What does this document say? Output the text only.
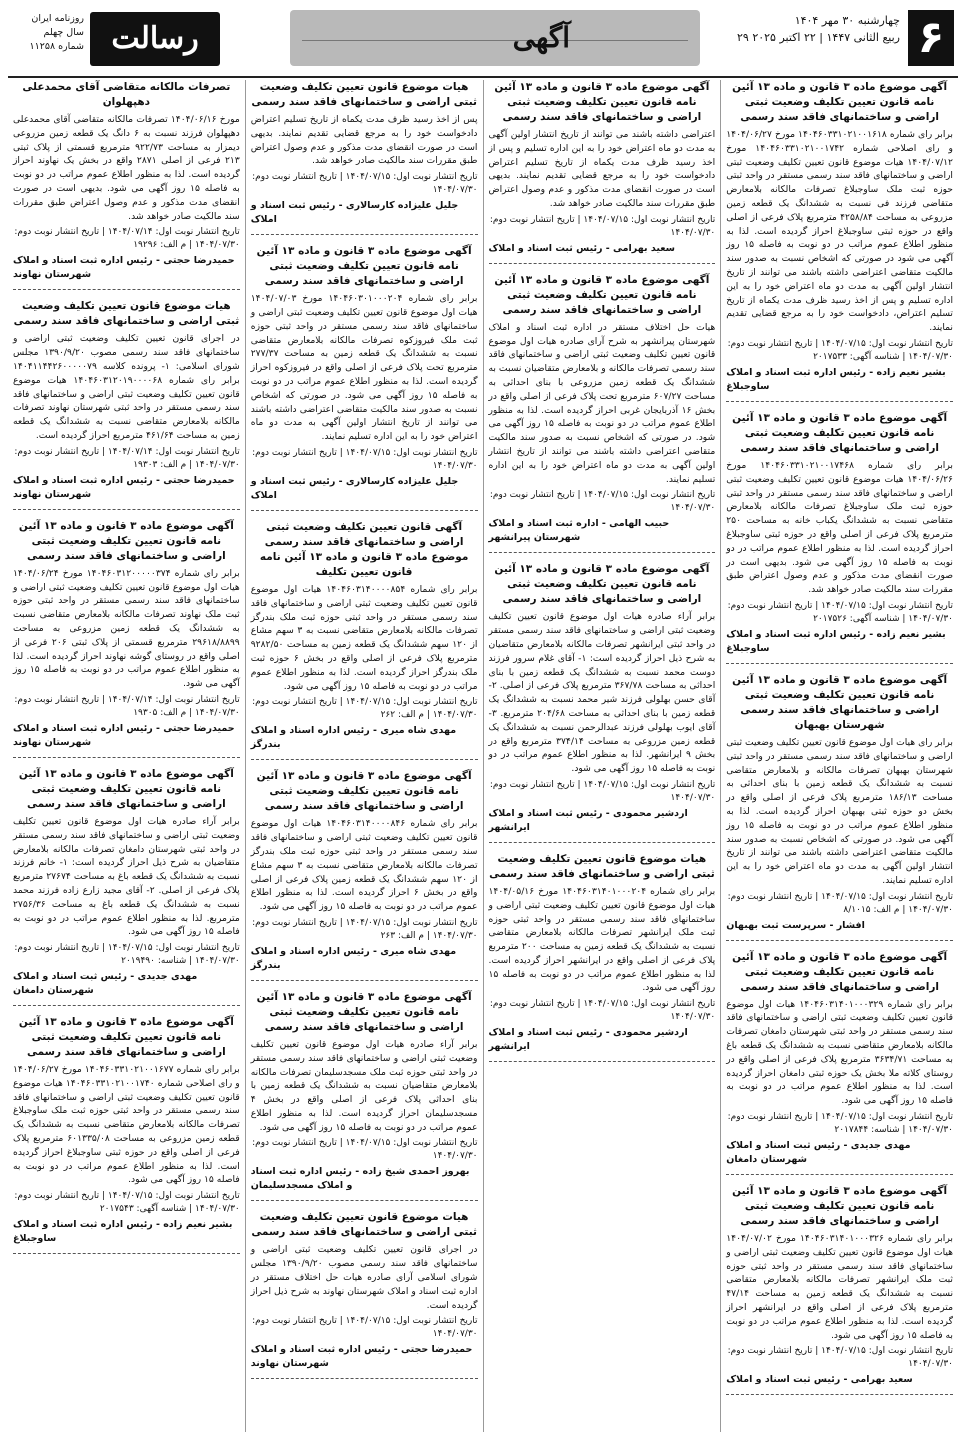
۶
چهارشنبه ۳۰ مهر ۱۴۰۴
۲۹ ربیع الثانی ۱۴۴۷ | ۲۲ اکتبر ۲۰۲۵
آگهی
رسالت
روزنامه ایران
سال چهلم
شماره ۱۱۲۵۸
آگهی موضوع ماده ۳ قانون و ماده ۱۳ آئین نامه قانون تعیین تکلیف وضعیت ثبتی اراضی و ساختمانهای فاقد سند رسمی
برابر رای شماره ۱۴۰۴۶۰۳۳۱۰۲۱۰۰۱۶۱۸ مورخ ۱۴۰۴/۰۶/۲۷ و رای اصلاحی شماره ۱۴۰۴۶۰۳۳۱۰۲۱۰۰۱۷۴۲ مورخ ۱۴۰۴/۰۷/۱۲ هیات موضوع قانون تعیین تکلیف وضعیت ثبتی اراضی و ساختمانهای فاقد سند رسمی مستقر در واحد ثبتی حوزه ثبت ملک ساوجبلاغ تصرفات مالکانه بلامعارض متقاضی فرزند فی نسبت به ششدانگ یک قطعه زمین مزروعی به مساحت ۴۲۵۸/۸۴ مترمربع پلاک فرعی از اصلی واقع در حوزه ثبتی ساوجبلاغ احراز گردیده است. لذا به منظور اطلاع عموم مراتب در دو نوبت به فاصله ۱۵ روز آگهی می شود در صورتی که اشخاص نسبت به صدور سند مالکیت متقاضی اعتراضی داشته باشند می توانند از تاریخ انتشار اولین آگهی به مدت دو ماه اعتراض خود را به این اداره تسلیم و پس از اخذ رسید ظرف مدت یکماه از تاریخ تسلیم اعتراض، دادخواست خود را به مرجع قضایی تقدیم نمایند.
تاریخ انتشار نوبت اول: ۱۴۰۴/۰۷/۱۵ | تاریخ انتشار نوبت دوم: ۱۴۰۴/۰۷/۳۰ | شناسه آگهی: ۲۰۱۷۵۳۳
بشیر نعیم زاده - رئیس اداره ثبت اسناد و املاک ساوجبلاغ
آگهی موضوع ماده ۳ قانون و ماده ۱۳ آئین نامه قانون تعیین تکلیف وضعیت ثبتی اراضی و ساختمانهای فاقد سند رسمی
برابر رای شماره ۱۴۰۴۶۰۳۳۱۰۲۱۰۰۱۷۴۶۸ مورخ ۱۴۰۴/۰۶/۲۶ هیات موضوع قانون تعیین تکلیف وضعیت ثبتی اراضی و ساختمانهای فاقد سند رسمی مستقر در واحد ثبتی حوزه ثبت ملک ساوجبلاغ تصرفات مالکانه بلامعارض متقاضی نسبت به ششدانگ یکباب خانه به مساحت ۲۵۰ مترمربع پلاک فرعی از اصلی واقع در حوزه ثبتی ساوجبلاغ احراز گردیده است. لذا به منظور اطلاع عموم مراتب در دو نوبت به فاصله ۱۵ روز آگهی می شود. بدیهی است در صورت انقضای مدت مذکور و عدم وصول اعتراض طبق مقررات سند مالکیت صادر خواهد شد.
تاریخ انتشار نوبت اول: ۱۴۰۴/۰۷/۱۵ | تاریخ انتشار نوبت دوم: ۱۴۰۴/۰۷/۳۰ | شناسه آگهی: ۲۰۱۷۵۲۶
بشیر نعیم زاده - رئیس اداره ثبت اسناد و املاک ساوجبلاغ
آگهی موضوع ماده ۳ قانون و ماده ۱۳ آئین نامه قانون تعیین تکلیف وضعیت ثبتی اراضی و ساختمانهای فاقد سند رسمی شهرستان بهبهان
برابر رای هیات اول موضوع قانون تعیین تکلیف وضعیت ثبتی اراضی و ساختمانهای فاقد سند رسمی مستقر در واحد ثبتی شهرستان بهبهان تصرفات مالکانه و بلامعارض متقاضی نسبت به ششدانگ یک قطعه زمین با بنای احداثی به مساحت ۱۸۶/۱۳ مترمربع پلاک فرعی از اصلی واقع در بخش دو حوزه ثبتی بهبهان احراز گردیده است. لذا به منظور اطلاع عموم مراتب در دو نوبت به فاصله ۱۵ روز آگهی می شود. در صورتی که اشخاص نسبت به صدور سند مالکیت متقاضی اعتراضی داشته باشند می توانند از تاریخ انتشار اولین آگهی به مدت دو ماه اعتراض خود را به این اداره تسلیم نمایند.
تاریخ انتشار نوبت اول: ۱۴۰۴/۰۷/۱۵ | تاریخ انتشار نوبت دوم: ۱۴۰۴/۰۷/۳۰ | م الف: ۸/۱۰۱۵
افشار - سرپرست ثبت بهبهان
آگهی موضوع ماده ۳ قانون و ماده ۱۳ آئین نامه قانون تعیین تکلیف وضعیت ثبتی اراضی و ساختمانهای فاقد سند رسمی
برابر رای شماره ۱۴۰۴۶۰۳۱۴۰۱۰۰۰۳۲۹ هیات اول موضوع قانون تعیین تکلیف وضعیت ثبتی اراضی و ساختمانهای فاقد سند رسمی مستقر در واحد ثبتی شهرستان دامغان تصرفات مالکانه بلامعارض متقاضی نسبت به ششدانگ یک قطعه باغ به مساحت ۳۶۳۴/۷۱ مترمربع پلاک فرعی از اصلی واقع در روستای کلاته ملا بخش یک حوزه ثبتی دامغان احراز گردیده است. لذا به منظور اطلاع عموم مراتب در دو نوبت به فاصله ۱۵ روز آگهی می شود.
تاریخ انتشار نوبت اول: ۱۴۰۴/۰۷/۱۵ | تاریخ انتشار نوبت دوم: ۱۴۰۴/۰۷/۳۰ | شناسه: ۲۰۱۷۸۴۴
مهدی جدیدی - رئیس ثبت اسناد و املاک شهرستان دامغان
آگهی موضوع ماده ۳ قانون و ماده ۱۳ آئین نامه قانون تعیین تکلیف وضعیت ثبتی اراضی و ساختمانهای فاقد سند رسمی
برابر رای شماره ۱۴۰۴۶۰۳۱۴۰۱۰۰۰۳۲۶ مورخ ۱۴۰۴/۰۷/۰۲ هیات اول موضوع قانون تعیین تکلیف وضعیت ثبتی اراضی و ساختمانهای فاقد سند رسمی مستقر در واحد ثبتی حوزه ثبت ملک ایرانشهر تصرفات مالکانه بلامعارض متقاضی نسبت به ششدانگ یک قطعه زمین به مساحت ۴۷/۱۴ مترمربع پلاک فرعی از اصلی واقع در ایرانشهر احراز گردیده است. لذا به منظور اطلاع عموم مراتب در دو نوبت به فاصله ۱۵ روز آگهی می شود.
تاریخ انتشار نوبت اول: ۱۴۰۴/۰۷/۱۵ | تاریخ انتشار نوبت دوم: ۱۴۰۴/۰۷/۳۰
سعید بهرامی - رئیس ثبت اسناد و املاک
آگهی موضوع ماده ۳ قانون و ماده ۱۳ آئین نامه قانون تعیین تکلیف وضعیت ثبتی اراضی و ساختمانهای فاقد سند رسمی
اعتراضی داشته باشند می توانند از تاریخ انتشار اولین آگهی به مدت دو ماه اعتراض خود را به این اداره تسلیم و پس از اخذ رسید ظرف مدت یکماه از تاریخ تسلیم اعتراض دادخواست خود را به مرجع قضایی تقدیم نمایند. بدیهی است در صورت انقضای مدت مذکور و عدم وصول اعتراض طبق مقررات سند مالکیت صادر خواهد شد.
تاریخ انتشار نوبت اول: ۱۴۰۴/۰۷/۱۵ | تاریخ انتشار نوبت دوم: ۱۴۰۴/۰۷/۳۰
سعید بهرامی - رئیس ثبت اسناد و املاک
آگهی موضوع ماده ۳ قانون و ماده ۱۳ آئین نامه قانون تعیین تکلیف وضعیت ثبتی اراضی و ساختمانهای فاقد سند رسمی
هیات حل اختلاف مستقر در اداره ثبت اسناد و املاک شهرستان پیرانشهر به شرح آرای صادره هیات اول موضوع قانون تعیین تکلیف وضعیت ثبتی اراضی و ساختمانهای فاقد سند رسمی تصرفات مالکانه و بلامعارض متقاضیان نسبت به ششدانگ یک قطعه زمین مزروعی با بنای احداثی به مساحت ۶۰۷/۲۷ مترمربع تحت پلاک فرعی از اصلی واقع در بخش ۱۶ آذربایجان غربی احراز گردیده است. لذا به منظور اطلاع عموم مراتب در دو نوبت به فاصله ۱۵ روز آگهی می شود. در صورتی که اشخاص نسبت به صدور سند مالکیت متقاضی اعتراضی داشته باشند می توانند از تاریخ انتشار اولین آگهی به مدت دو ماه اعتراض خود را به این اداره تسلیم نمایند.
تاریخ انتشار نوبت اول: ۱۴۰۴/۰۷/۱۵ | تاریخ انتشار نوبت دوم: ۱۴۰۴/۰۷/۳۰
حبیب الهامی - اداره ثبت اسناد و املاک شهرستان پیرانشهر
آگهی موضوع ماده ۳ قانون و ماده ۱۳ آئین نامه قانون تعیین تکلیف وضعیت ثبتی اراضی و ساختمانهای فاقد سند رسمی
برابر آراء صادره هیات اول موضوع قانون تعیین تکلیف وضعیت ثبتی اراضی و ساختمانهای فاقد سند رسمی مستقر در واحد ثبتی ایرانشهر تصرفات مالکانه بلامعارض متقاضیان به شرح ذیل احراز گردیده است: ۱- آقای غلام سرور فرزند دوست محمد نسبت به ششدانگ یک قطعه زمین با بنای احداثی به مساحت ۳۶۷/۷۸ مترمربع پلاک فرعی از اصلی. ۲- آقای حسن بهلولی فرزند شیر محمد نسبت به ششدانگ یک قطعه زمین با بنای احداثی به مساحت ۲۰۴/۶۸ مترمربع. ۳- آقای ایوب بهلولی فرزند عبدالرحمن نسبت به ششدانگ یک قطعه زمین مزروعی به مساحت ۳۷۴/۱۴ مترمربع واقع در بخش ۹ ایرانشهر. لذا به منظور اطلاع عموم مراتب در دو نوبت به فاصله ۱۵ روز آگهی می شود.
تاریخ انتشار نوبت اول: ۱۴۰۴/۰۷/۱۵ | تاریخ انتشار نوبت دوم: ۱۴۰۴/۰۷/۳۰
اردشیر محمودی - رئیس ثبت اسناد و املاک ایرانشهر
هیات موضوع قانون تعیین تکلیف وضعیت ثبتی اراضی و ساختمانهای فاقد سند رسمی
برابر رای شماره ۱۴۰۴۶۰۳۱۴۰۱۰۰۰۲۰۴ مورخ ۱۴۰۴/۰۵/۱۶ هیات اول موضوع قانون تعیین تکلیف وضعیت ثبتی اراضی و ساختمانهای فاقد سند رسمی مستقر در واحد ثبتی حوزه ثبت ملک ایرانشهر تصرفات مالکانه بلامعارض متقاضی نسبت به ششدانگ یک قطعه زمین به مساحت ۲۰۰ مترمربع پلاک فرعی از اصلی واقع در ایرانشهر احراز گردیده است. لذا به منظور اطلاع عموم مراتب در دو نوبت به فاصله ۱۵ روز آگهی می شود.
تاریخ انتشار نوبت اول: ۱۴۰۴/۰۷/۱۵ | تاریخ انتشار نوبت دوم: ۱۴۰۴/۰۷/۳۰
اردشیر محمودی - رئیس ثبت اسناد و املاک ایرانشهر
هیات موضوع قانون تعیین تکلیف وضعیت ثبتی اراضی و ساختمانهای فاقد سند رسمی
پس از اخذ رسید ظرف مدت یکماه از تاریخ تسلیم اعتراض دادخواست خود را به مرجع قضایی تقدیم نمایند. بدیهی است در صورت انقضای مدت مذکور و عدم وصول اعتراض طبق مقررات سند مالکیت صادر خواهد شد.
تاریخ انتشار نوبت اول: ۱۴۰۴/۰۷/۱۵ | تاریخ انتشار نوبت دوم: ۱۴۰۴/۰۷/۳۰
جلیل علیزاده کارسالاری - رئیس ثبت اسناد و املاک
آگهی موضوع ماده ۳ قانون و ماده ۱۳ آئین نامه قانون تعیین تکلیف وضعیت ثبتی اراضی و ساختمانهای فاقد سند رسمی
برابر رای شماره ۱۴۰۴۶۰۳۰۱۰۰۰۲۰۴ مورخ ۱۴۰۴/۰۷/۰۳ هیات اول موضوع قانون تعیین تکلیف وضعیت ثبتی اراضی و ساختمانهای فاقد سند رسمی مستقر در واحد ثبتی حوزه ثبت ملک فیروزکوه تصرفات مالکانه بلامعارض متقاضی نسبت به ششدانگ یک قطعه زمین به مساحت ۲۷۷/۳۷ مترمربع تحت پلاک فرعی از اصلی واقع در فیروزکوه احراز گردیده است. لذا به منظور اطلاع عموم مراتب در دو نوبت به فاصله ۱۵ روز آگهی می شود. در صورتی که اشخاص نسبت به صدور سند مالکیت متقاضی اعتراضی داشته باشند می توانند از تاریخ انتشار اولین آگهی به مدت دو ماه اعتراض خود را به این اداره تسلیم نمایند.
تاریخ انتشار نوبت اول: ۱۴۰۴/۰۷/۱۵ | تاریخ انتشار نوبت دوم: ۱۴۰۴/۰۷/۳۰
جلیل علیزاده کارسالاری - رئیس ثبت اسناد و املاک
آگهی قانون تعیین تکلیف وضعیت ثبتی اراضی و ساختمانهای فاقد سند رسمی موضوع ماده ۳ قانون و ماده ۱۳ آئین نامه قانون تعیین تکلیف
برابر رای شماره ۱۴۰۴۶۰۳۱۴۰۰۰۰۸۵۴ هیات اول موضوع قانون تعیین تکلیف وضعیت ثبتی اراضی و ساختمانهای فاقد سند رسمی مستقر در واحد ثبتی حوزه ثبت ملک بندرگز تصرفات مالکانه بلامعارض متقاضی نسبت به ۳ سهم مشاع از ۱۲۰ سهم ششدانگ یک قطعه زمین به مساحت ۹۲۸۲/۵۰ مترمربع پلاک فرعی از اصلی واقع در بخش ۶ حوزه ثبت ملک بندرگز احراز گردیده است. لذا به منظور اطلاع عموم مراتب در دو نوبت به فاصله ۱۵ روز آگهی می شود.
تاریخ انتشار نوبت اول: ۱۴۰۴/۰۷/۱۵ | تاریخ انتشار نوبت دوم: ۱۴۰۴/۰۷/۳۰ | م الف: ۲۶۲
مهدی شاه میری - رئیس اداره اسناد و املاک بندرگز
آگهی موضوع ماده ۳ قانون و ماده ۱۳ آئین نامه قانون تعیین تکلیف وضعیت ثبتی اراضی و ساختمانهای فاقد سند رسمی
برابر رای شماره ۱۴۰۴۶۰۳۱۴۰۰۰۰۸۴۶ هیات اول موضوع قانون تعیین تکلیف وضعیت ثبتی اراضی و ساختمانهای فاقد سند رسمی مستقر در واحد ثبتی حوزه ثبت ملک بندرگز تصرفات مالکانه بلامعارض متقاضی نسبت به ۳ سهم مشاع از ۱۲۰ سهم ششدانگ یک قطعه زمین پلاک فرعی از اصلی واقع در بخش ۶ احراز گردیده است. لذا به منظور اطلاع عموم مراتب در دو نوبت به فاصله ۱۵ روز آگهی می شود.
تاریخ انتشار نوبت اول: ۱۴۰۴/۰۷/۱۵ | تاریخ انتشار نوبت دوم: ۱۴۰۴/۰۷/۳۰ | م الف: ۲۶۳
مهدی شاه میری - رئیس اداره اسناد و املاک بندرگز
آگهی موضوع ماده ۳ قانون و ماده ۱۳ آئین نامه قانون تعیین تکلیف وضعیت ثبتی اراضی و ساختمانهای فاقد سند رسمی
برابر آراء صادره هیات اول موضوع قانون تعیین تکلیف وضعیت ثبتی اراضی و ساختمانهای فاقد سند رسمی مستقر در واحد ثبتی حوزه ثبت ملک مسجدسلیمان تصرفات مالکانه بلامعارض متقاضیان نسبت به ششدانگ یک قطعه زمین با بنای احداثی پلاک فرعی از اصلی واقع در بخش ۴ مسجدسلیمان احراز گردیده است. لذا به منظور اطلاع عموم مراتب در دو نوبت به فاصله ۱۵ روز آگهی می شود.
تاریخ انتشار نوبت اول: ۱۴۰۴/۰۷/۱۵ | تاریخ انتشار نوبت دوم: ۱۴۰۴/۰۷/۳۰
بهروز احمدی شیخ زاده - رئیس اداره ثبت اسناد و املاک مسجدسلیمان
هیات موضوع قانون تعیین تکلیف وضعیت ثبتی اراضی و ساختمانهای فاقد سند رسمی
در اجرای قانون تعیین تکلیف وضعیت ثبتی اراضی و ساختمانهای فاقد سند رسمی مصوب ۱۳۹۰/۹/۲۰ مجلس شورای اسلامی آرای صادره هیات حل اختلاف مستقر در اداره ثبت اسناد و املاک شهرستان نهاوند به شرح ذیل احراز گردیده است.
تاریخ انتشار نوبت اول: ۱۴۰۴/۰۷/۱۵ | تاریخ انتشار نوبت دوم: ۱۴۰۴/۰۷/۳۰
حمیدرضا حجتی - رئیس اداره ثبت اسناد و املاک شهرستان نهاوند
تصرفات مالکانه متقاضی آقای محمدعلی دهپهلوان
مورخ ۱۴۰۴/۰۶/۱۶ تصرفات مالکانه متقاضی آقای محمدعلی دهپهلوان فرزند نسبت به ۶ دانگ یک قطعه زمین مزروعی دیمزار به مساحت ۹۲۲/۷۳ مترمربع قسمتی از پلاک ثبتی ۲۱۳ فرعی از اصلی ۲۸۷۱ واقع در بخش یک نهاوند احراز گردیده است. لذا به منظور اطلاع عموم مراتب در دو نوبت به فاصله ۱۵ روز آگهی می شود. بدیهی است در صورت انقضای مدت مذکور و عدم وصول اعتراض طبق مقررات سند مالکیت صادر خواهد شد.
تاریخ انتشار نوبت اول: ۱۴۰۴/۰۷/۱۴ | تاریخ انتشار نوبت دوم: ۱۴۰۴/۰۷/۳۰ | م الف: ۱۹۲۹۶
حمیدرضا حجتی - رئیس اداره ثبت اسناد و املاک شهرستان نهاوند
هیات موضوع قانون تعیین تکلیف وضعیت ثبتی اراضی و ساختمانهای فاقد سند رسمی
در اجرای قانون تعیین تکلیف وضعیت ثبتی اراضی و ساختمانهای فاقد سند رسمی مصوب ۱۳۹۰/۹/۲۰ مجلس شورای اسلامی: ۱- پرونده کلاسه ۱۴۰۴۱۱۴۴۲۶۰۰۰۰۰۷۹ برابر رای شماره ۱۴۰۴۶۰۳۱۲۰۱۹۰۰۰۰۶۸ هیات موضوع قانون تعیین تکلیف وضعیت ثبتی اراضی و ساختمانهای فاقد سند رسمی مستقر در واحد ثبتی شهرستان نهاوند تصرفات مالکانه بلامعارض متقاضی نسبت به ششدانگ یک قطعه زمین به مساحت ۴۶۱/۶۴ مترمربع احراز گردیده است.
تاریخ انتشار نوبت اول: ۱۴۰۴/۰۷/۱۴ | تاریخ انتشار نوبت دوم: ۱۴۰۴/۰۷/۳۰ | م الف: ۱۹۳۰۳
حمیدرضا حجتی - رئیس اداره ثبت اسناد و املاک شهرستان نهاوند
آگهی موضوع ماده ۳ قانون و ماده ۱۳ آئین نامه قانون تعیین تکلیف وضعیت ثبتی اراضی و ساختمانهای فاقد سند رسمی
برابر رای شماره ۱۴۰۴۶۰۳۱۲۰۰۰۰۰۳۷۴ مورخ ۱۴۰۴/۰۶/۲۴ هیات اول موضوع قانون تعیین تکلیف وضعیت ثبتی اراضی و ساختمانهای فاقد سند رسمی مستقر در واحد ثبتی حوزه ثبت ملک نهاوند تصرفات مالکانه بلامعارض متقاضی نسبت به ششدانگ یک قطعه زمین مزروعی به مساحت ۲۹۶۱۸/۸۸۹۹ مترمربع قسمتی از پلاک ثبتی ۲۰۶ فرعی از اصلی واقع در روستای گوشه نهاوند احراز گردیده است. لذا به منظور اطلاع عموم مراتب در دو نوبت به فاصله ۱۵ روز آگهی می شود.
تاریخ انتشار نوبت اول: ۱۴۰۴/۰۷/۱۴ | تاریخ انتشار نوبت دوم: ۱۴۰۴/۰۷/۳۰ | م الف: ۱۹۳۰۵
حمیدرضا حجتی - رئیس اداره ثبت اسناد و املاک شهرستان نهاوند
آگهی موضوع ماده ۳ قانون و ماده ۱۳ آئین نامه قانون تعیین تکلیف وضعیت ثبتی اراضی و ساختمانهای فاقد سند رسمی
برابر آراء صادره هیات اول موضوع قانون تعیین تکلیف وضعیت ثبتی اراضی و ساختمانهای فاقد سند رسمی مستقر در واحد ثبتی شهرستان دامغان تصرفات مالکانه بلامعارض متقاضیان به شرح ذیل احراز گردیده است: ۱- خانم فرزند نسبت به ششدانگ یک قطعه باغ به مساحت ۲۷۶۷۴ مترمربع پلاک فرعی از اصلی. ۲- آقای مجید زارع زاده فرزند محمد نسبت به ششدانگ یک قطعه باغ به مساحت ۲۷۵۶/۳۶ مترمربع. لذا به منظور اطلاع عموم مراتب در دو نوبت به فاصله ۱۵ روز آگهی می شود.
تاریخ انتشار نوبت اول: ۱۴۰۴/۰۷/۱۵ | تاریخ انتشار نوبت دوم: ۱۴۰۴/۰۷/۳۰ | شناسه: ۲۰۱۹۴۹۰
مهدی جدیدی - رئیس ثبت اسناد و املاک شهرستان دامغان
آگهی موضوع ماده ۳ قانون و ماده ۱۳ آئین نامه قانون تعیین تکلیف وضعیت ثبتی اراضی و ساختمانهای فاقد سند رسمی
برابر رای شماره ۱۴۰۴۶۰۳۳۱۰۲۱۰۰۱۶۷۷ مورخ ۱۴۰۴/۰۶/۲۷ و رای اصلاحی شماره ۱۴۰۴۶۰۳۳۱۰۲۱۰۰۱۷۴۰ هیات موضوع قانون تعیین تکلیف وضعیت ثبتی اراضی و ساختمانهای فاقد سند رسمی مستقر در واحد ثبتی حوزه ثبت ملک ساوجبلاغ تصرفات مالکانه بلامعارض متقاضی نسبت به ششدانگ یک قطعه زمین مزروعی به مساحت ۶۰۱۳۳۵/۰۸ مترمربع پلاک فرعی از اصلی واقع در حوزه ثبتی ساوجبلاغ احراز گردیده است. لذا به منظور اطلاع عموم مراتب در دو نوبت به فاصله ۱۵ روز آگهی می شود.
تاریخ انتشار نوبت اول: ۱۴۰۴/۰۷/۱۵ | تاریخ انتشار نوبت دوم: ۱۴۰۴/۰۷/۳۰ | شناسه آگهی: ۲۰۱۷۵۴۳
بشیر نعیم زاده - رئیس اداره ثبت اسناد و املاک ساوجبلاغ
